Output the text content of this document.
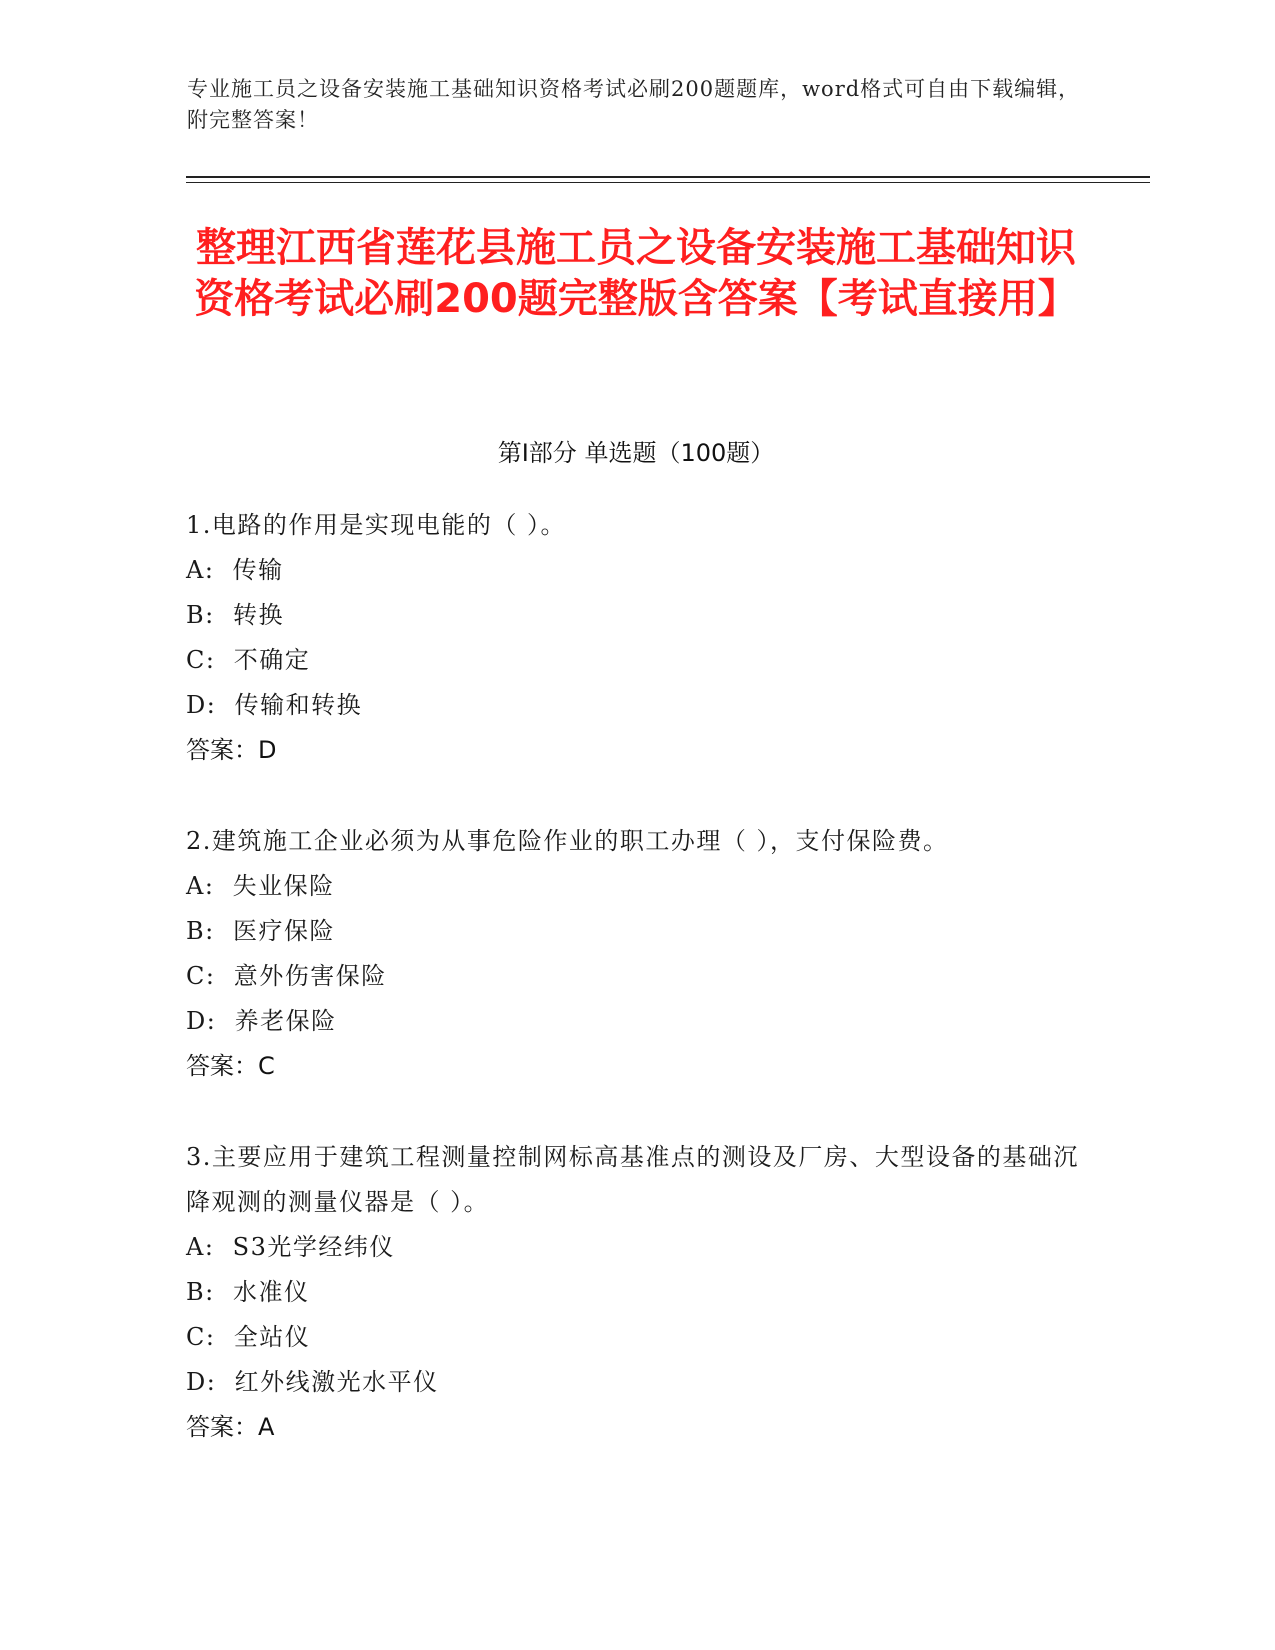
专业施工员之设备安装施工基础知识资格考试必刷200题题库，word格式可自由下载编辑，附完整答案！
整理江西省莲花县施工员之设备安装施工基础知识资格考试必刷200题完整版含答案【考试直接用】
第I部分 单选题（100题）

1.电路的作用是实现电能的（ ）。

A:  传输

B:  转换

C:  不确定

D:  传输和转换

答案：D

2.建筑施工企业必须为从事危险作业的职工办理（ ），支付保险费。

A:  失业保险

B:  医疗保险

C:  意外伤害保险

D:  养老保险

答案：C

3.主要应用于建筑工程测量控制网标高基准点的测设及厂房、大型设备的基础沉降观测的测量仪器是（ ）。

A:  S3光学经纬仪

B:  水准仪

C:  全站仪

D:  红外线激光水平仪

答案：A
